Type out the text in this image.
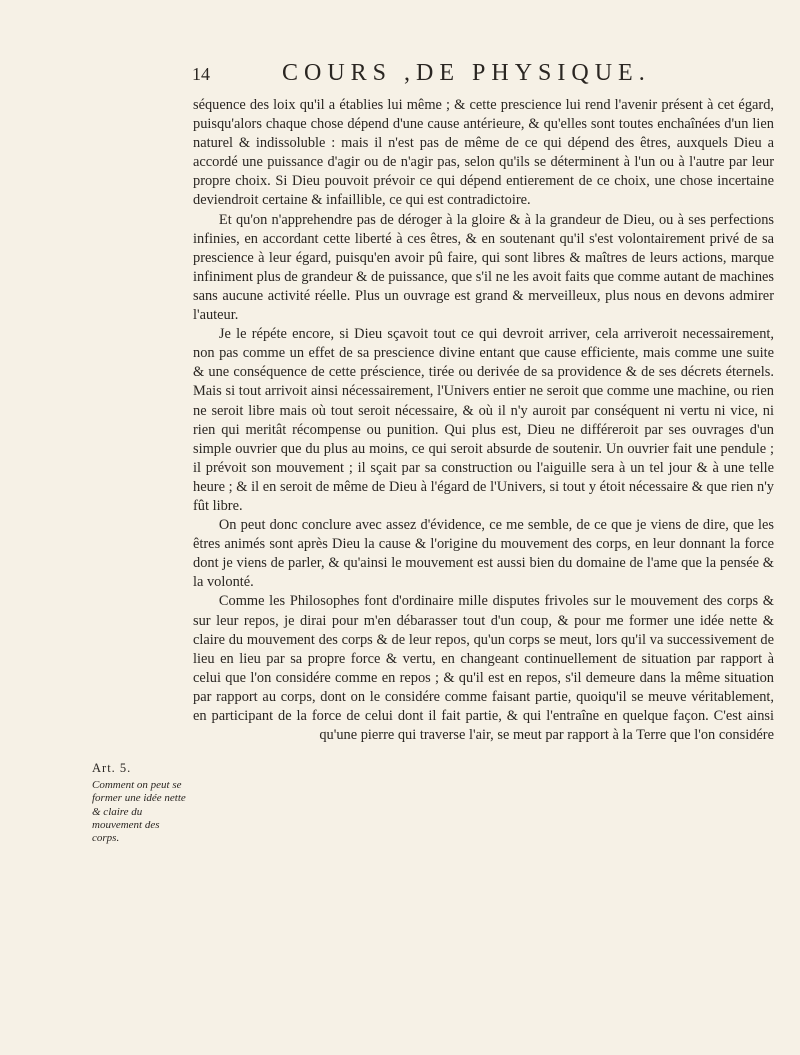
14	COURS ,DE PHYSIQUE.

séquence des loix qu'il a établies lui même ; & cette prescience lui rend l'avenir présent à cet égard, puisqu'alors chaque chose dépend d'une cause antérieure, & qu'elles sont toutes enchaînées d'un lien naturel & indissoluble : mais il n'est pas de même de ce qui dépend des êtres, auxquels Dieu a accordé une puissance d'agir ou de n'agir pas, selon qu'ils se déterminent à l'un ou à l'autre par leur propre choix. Si Dieu pouvoit prévoir ce qui dépend entierement de ce choix, une chose incertaine deviendroit certaine & infaillible, ce qui est contradictoire.

Et qu'on n'apprehendre pas de déroger à la gloire & à la grandeur de Dieu, ou à ses perfections infinies, en accordant cette liberté à ces êtres, & en soutenant qu'il s'est volontairement privé de sa prescience à leur égard, puisqu'en avoir pû faire, qui sont libres & maîtres de leurs actions, marque infiniment plus de grandeur & de puissance, que s'il ne les avoit faits que comme autant de machines sans aucune activité réelle. Plus un ouvrage est grand & merveilleux, plus nous en devons admirer l'auteur.

Je le répéte encore, si Dieu sçavoit tout ce qui devroit arriver, cela arriveroit necessairement, non pas comme un effet de sa prescience divine entant que cause efficiente, mais comme une suite & une conséquence de cette préscience, tirée ou derivée de sa providence & de ses décrets éternels. Mais si tout arrivoit ainsi nécessairement, l'Univers entier ne seroit que comme une machine, ou rien ne seroit libre mais où tout seroit nécessaire, & où il n'y auroit par conséquent ni vertu ni vice, ni rien qui meritât récompense ou punition. Qui plus est, Dieu ne différeroit par ses ouvrages d'un simple ouvrier que du plus au moins, ce qui seroit absurde de soutenir. Un ouvrier fait une pendule ; il prévoit son mouvement ; il sçait par sa construction ou l'aiguille sera à un tel jour & à une telle heure ; & il en seroit de même de Dieu à l'égard de l'Univers, si tout y étoit nécessaire & que rien n'y fût libre.

On peut donc conclure avec assez d'évidence, ce me semble, de ce que je viens de dire, que les êtres animés sont après Dieu la cause & l'origine du mouvement des corps, en leur donnant la force dont je viens de parler, & qu'ainsi le mouvement est aussi bien du domaine de l'ame que la pensée & la volonté.

Comme les Philosophes font d'ordinaire mille disputes frivoles sur le mouvement des corps & sur leur repos, je dirai pour m'en débarasser tout d'un coup, & pour me former une idée nette & claire du mouvement des corps & de leur repos, qu'un corps se meut, lors qu'il va successivement de lieu en lieu par sa propre force & vertu, en changeant continuellement de situation par rapport à celui que l'on considére comme en repos ; & qu'il est en repos, s'il demeure dans la même situation par rapport au corps, dont on le considére comme faisant partie, quoiqu'il se meuve véritablement, en participant de la force de celui dont il fait partie, & qui l'entraîne en quelque façon. C'est ainsi qu'une pierre qui traverse l'air, se meut par rapport à la Terre que l'on considére

Art. 5.
Comment on peut se former une idée nette & claire du mouvement des corps.
